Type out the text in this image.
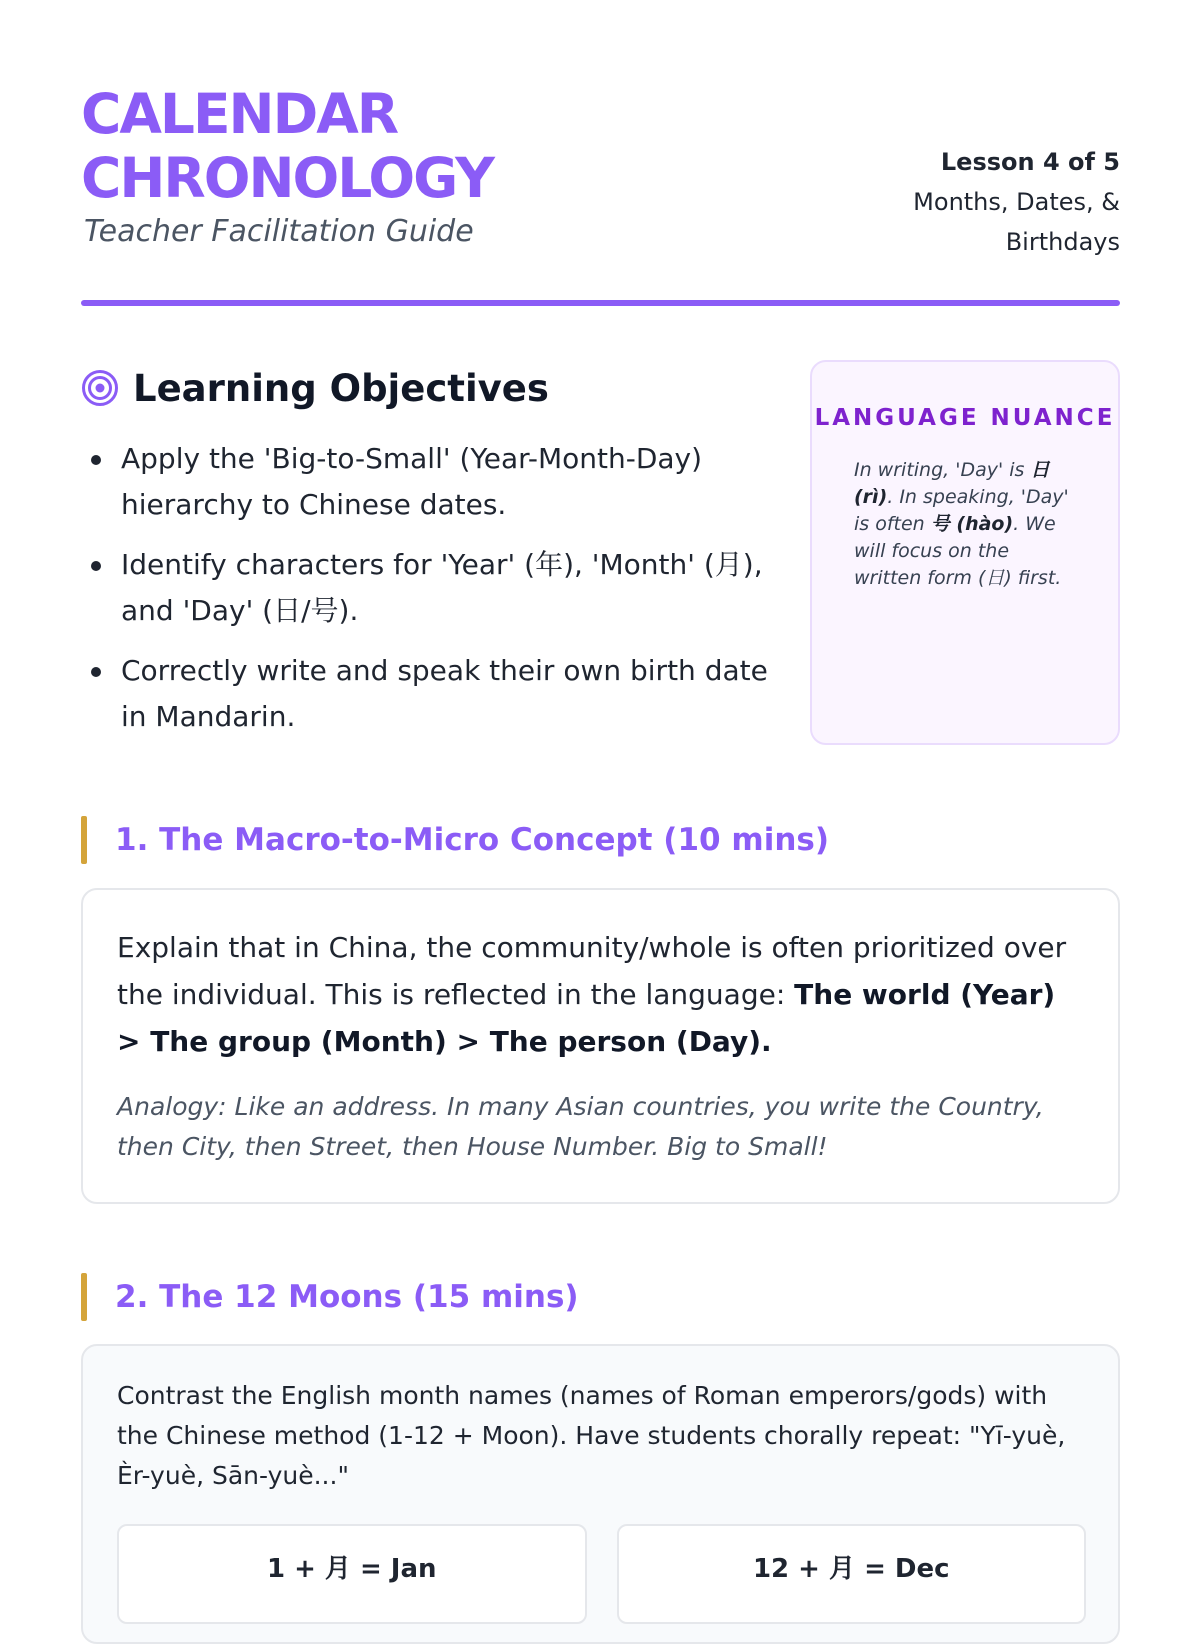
CALENDAR
CHRONOLOGY
Teacher Facilitation Guide
Lesson 4 of 5
Months, Dates, & Birthdays
Learning Objectives
Apply the 'Big-to-Small' (Year-Month-Day) hierarchy to Chinese dates.
Identify characters for 'Year' (年), 'Month' (月), and 'Day' (日/号).
Correctly write and speak their own birth date in Mandarin.
LANGUAGE NUANCE
In writing, 'Day' is 日 (rì). In speaking, 'Day' is often 号 (hào). We will focus on the written form (日) first.
1. The Macro-to-Micro Concept (10 mins)

Explain that in China, the community/whole is often prioritized over the individual. This is reflected in the language: The world (Year) > The group (Month) > The person (Day).

Analogy: Like an address. In many Asian countries, you write the Country, then City, then Street, then House Number. Big to Small!

2. The 12 Moons (15 mins)

Contrast the English month names (names of Roman emperors/gods) with the Chinese method (1-12 + Moon). Have students chorally repeat: "Yī-yuè, Èr-yuè, Sān-yuè..."

1 + 月 = Jan	12 + 月 = Dec
